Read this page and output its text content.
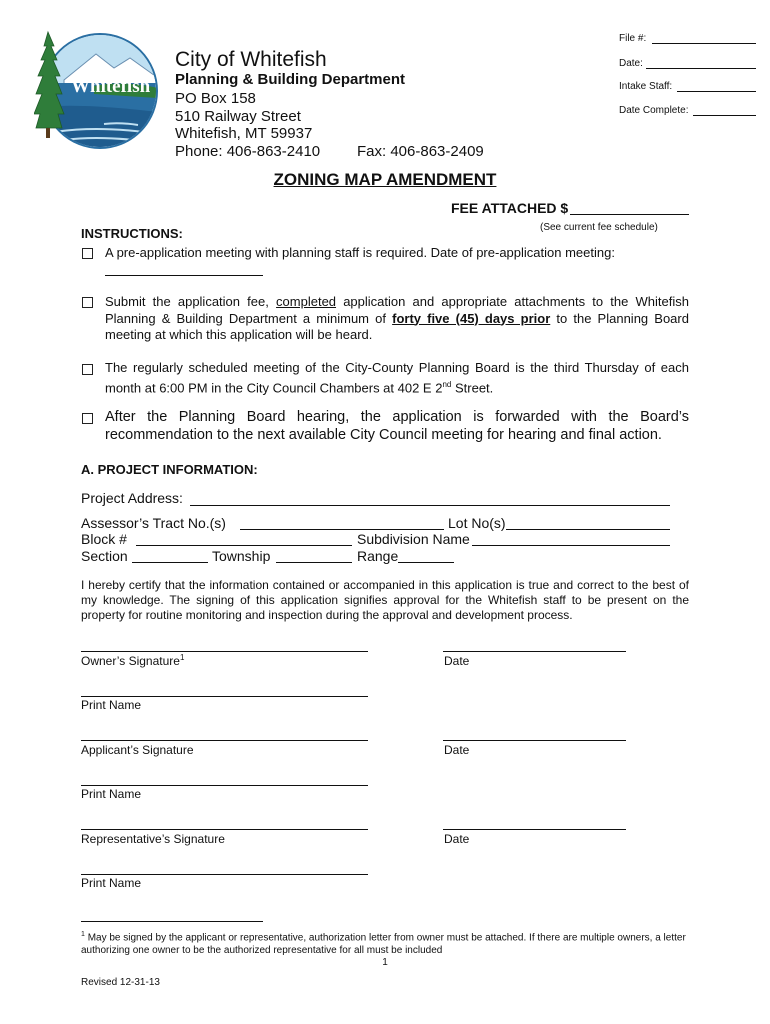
City of
Whitefish
City of Whitefish
Planning & Building Department
PO Box 158
510 Railway Street
Whitefish, MT 59937
Phone: 406-863-2410 Fax: 406-863-2409
File #:
Date:
Intake Staff:
Date Complete:
ZONING MAP AMENDMENT
FEE ATTACHED $
(See current fee schedule)
INSTRUCTIONS:
A pre-application meeting with planning staff is required. Date of pre-application meeting:
Submit the application fee, completed application and appropriate attachments to the Whitefish Planning & Building Department a minimum of forty five (45) days prior to the Planning Board meeting at which this application will be heard.
The regularly scheduled meeting of the City-County Planning Board is the third Thursday of each month at 6:00 PM in the City Council Chambers at 402 E 2nd Street.
After the Planning Board hearing, the application is forwarded with the Board’s recommendation to the next available City Council meeting for hearing and final action.
A. PROJECT INFORMATION:
Project Address:
Assessor’s Tract No.(s)	Lot No(s)
Block #	Subdivision Name
Section	Township	Range
I hereby certify that the information contained or accompanied in this application is true and correct to the best of my knowledge. The signing of this application signifies approval for the Whitefish staff to be present on the property for routine monitoring and inspection during the approval and development process.
Owner’s Signature$^1$	Date
Print Name
Applicant’s Signature	Date
Print Name
Representative’s Signature	Date
Print Name
$^1$ May be signed by the applicant or representative, authorization letter from owner must be attached. If there are multiple owners, a letter authorizing one owner to be the authorized representative for all must be included
1
Revised 12-31-13
